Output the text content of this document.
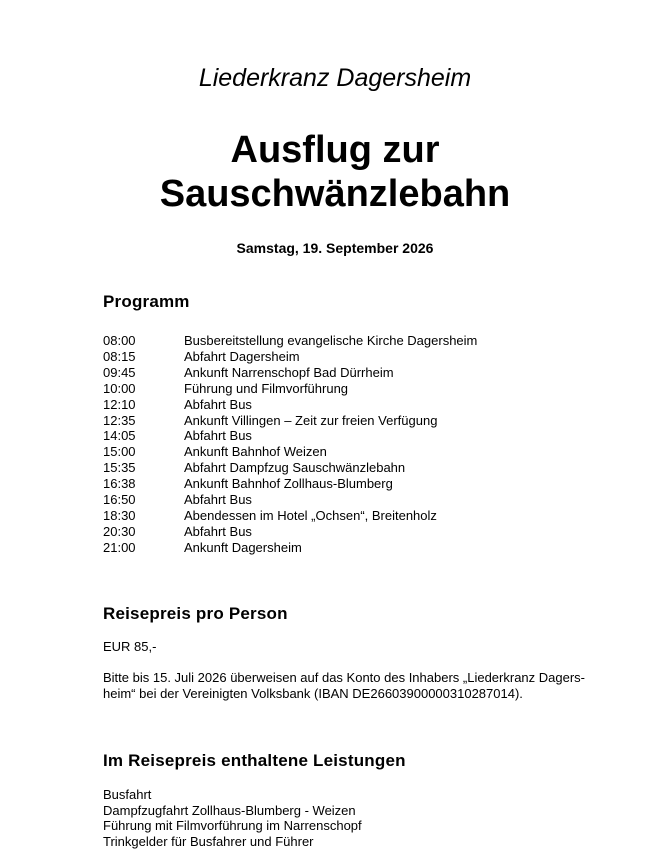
Liederkranz Dagersheim

Ausflug zur
Sauschwänzlebahn

Samstag, 19. September 2026

Programm
08:00	Busbereitstellung evangelische Kirche Dagersheim
08:15	Abfahrt Dagersheim
09:45	Ankunft Narrenschopf Bad Dürrheim
10:00	Führung und Filmvorführung
12:10	Abfahrt Bus
12:35	Ankunft Villingen – Zeit zur freien Verfügung
14:05	Abfahrt Bus
15:00	Ankunft Bahnhof Weizen
15:35	Abfahrt Dampfzug Sauschwänzlebahn
16:38	Ankunft Bahnhof Zollhaus-Blumberg
16:50	Abfahrt Bus
18:30	Abendessen im Hotel „Ochsen“, Breitenholz
20:30	Abfahrt Bus
21:00	Ankunft Dagersheim
Reisepreis pro Person

EUR 85,-

Bitte bis 15. Juli 2026 überweisen auf das Konto des Inhabers „Liederkranz Dagers-
heim“ bei der Vereinigten Volksbank (IBAN DE26603900000310287014).

Im Reisepreis enthaltene Leistungen
Busfahrt
Dampfzugfahrt Zollhaus-Blumberg - Weizen
Führung mit Filmvorführung im Narrenschopf
Trinkgelder für Busfahrer und Führer
